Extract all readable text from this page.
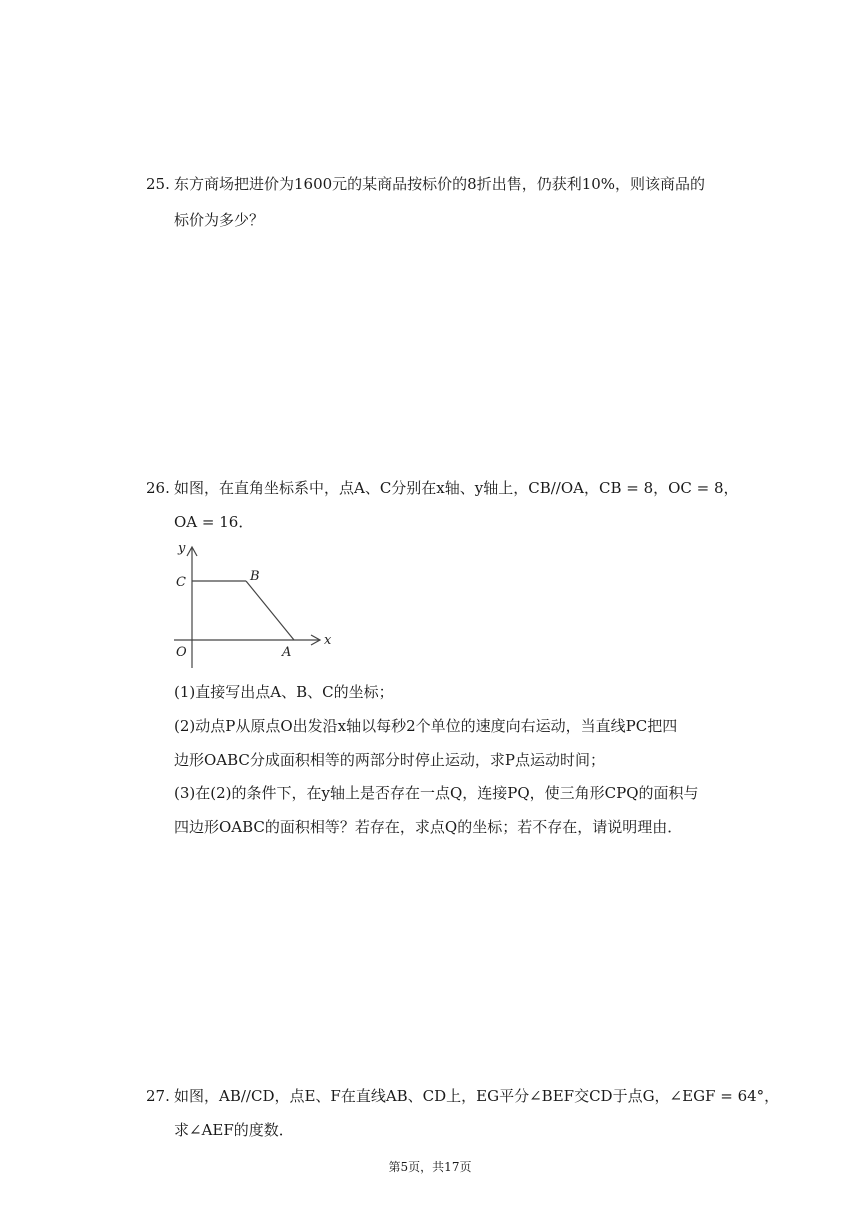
25. 东方商场把进价为1600元的某商品按标价的8折出售，仍获利10%，则该商品的
标价为多少？
26. 如图，在直角坐标系中，点A、C分别在x轴、y轴上，CB//OA，CB = 8，OC = 8，
OA = 16．
y
x
C	B
O	A
(1)直接写出点A、B、C的坐标；
(2)动点P从原点O出发沿x轴以每秒2个单位的速度向右运动，当直线PC把四
边形OABC分成面积相等的两部分时停止运动，求P点运动时间；
(3)在(2)的条件下，在y轴上是否存在一点Q，连接PQ，使三角形CPQ的面积与
四边形OABC的面积相等？若存在，求点Q的坐标；若不存在，请说明理由．
27. 如图，AB//CD，点E、F在直线AB、CD上，EG平分∠BEF交CD于点G，∠EGF = 64°，
求∠AEF的度数．
第5页，共17页
